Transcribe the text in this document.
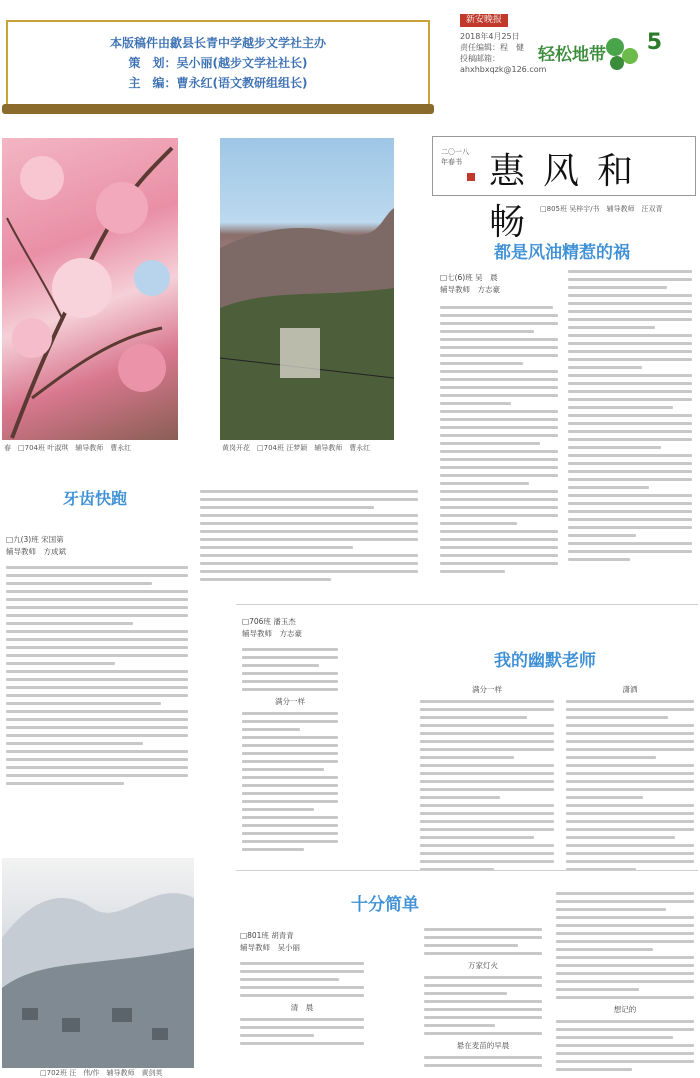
本版稿件由歙县长青中学越步文学社主办
策　划：吴小丽(越步文学社社长)
主　编：曹永红(语文教研组组长)
新安晚报
2018年4月25日
责任编辑：程　健
投稿邮箱：ahxhbxqzk@126.com
轻松地带 5
春　□704班 叶淑琪　辅导教师　曹永红	黄岗开花　□704班 汪梦颖　辅导教师　曹永红
二〇一八年春书 惠风和畅
□805班 吴梓宇/书　辅导教师　汪双青
都是风油精惹的祸
□七(6)班 吴　晨
辅导教师　方志豪
牙齿快跑
□九(3)班 宋国第
辅导教师　方成斌
□706班 潘玉杰
辅导教师　方志豪
我的幽默老师
满分一样
满分一样	潇洒
□702班 汪　伟/作　辅导教师　黄剑英
十分简单
□801班 胡青青
辅导教师　吴小丽
清　晨
万家灯火
悬在麦苗的早晨
想记的
